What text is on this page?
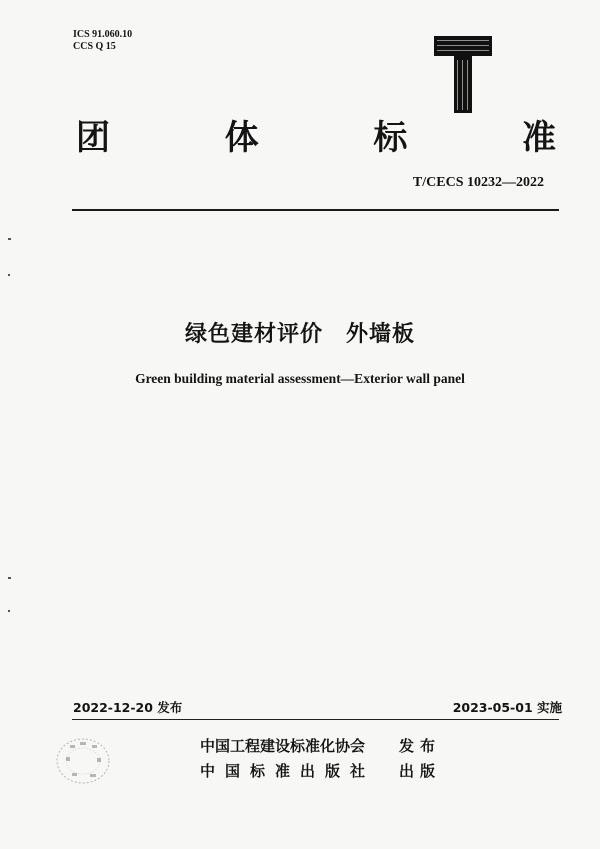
ICS 91.060.10
CCS Q 15
团	体	标	准
T/CECS 10232—2022
绿色建材评价　外墙板
Green building material assessment—Exterior wall panel
2022-12-20 发布	2023-05-01 实施
中国工程建设标准化协会 发布
中国标准出版社 出版
